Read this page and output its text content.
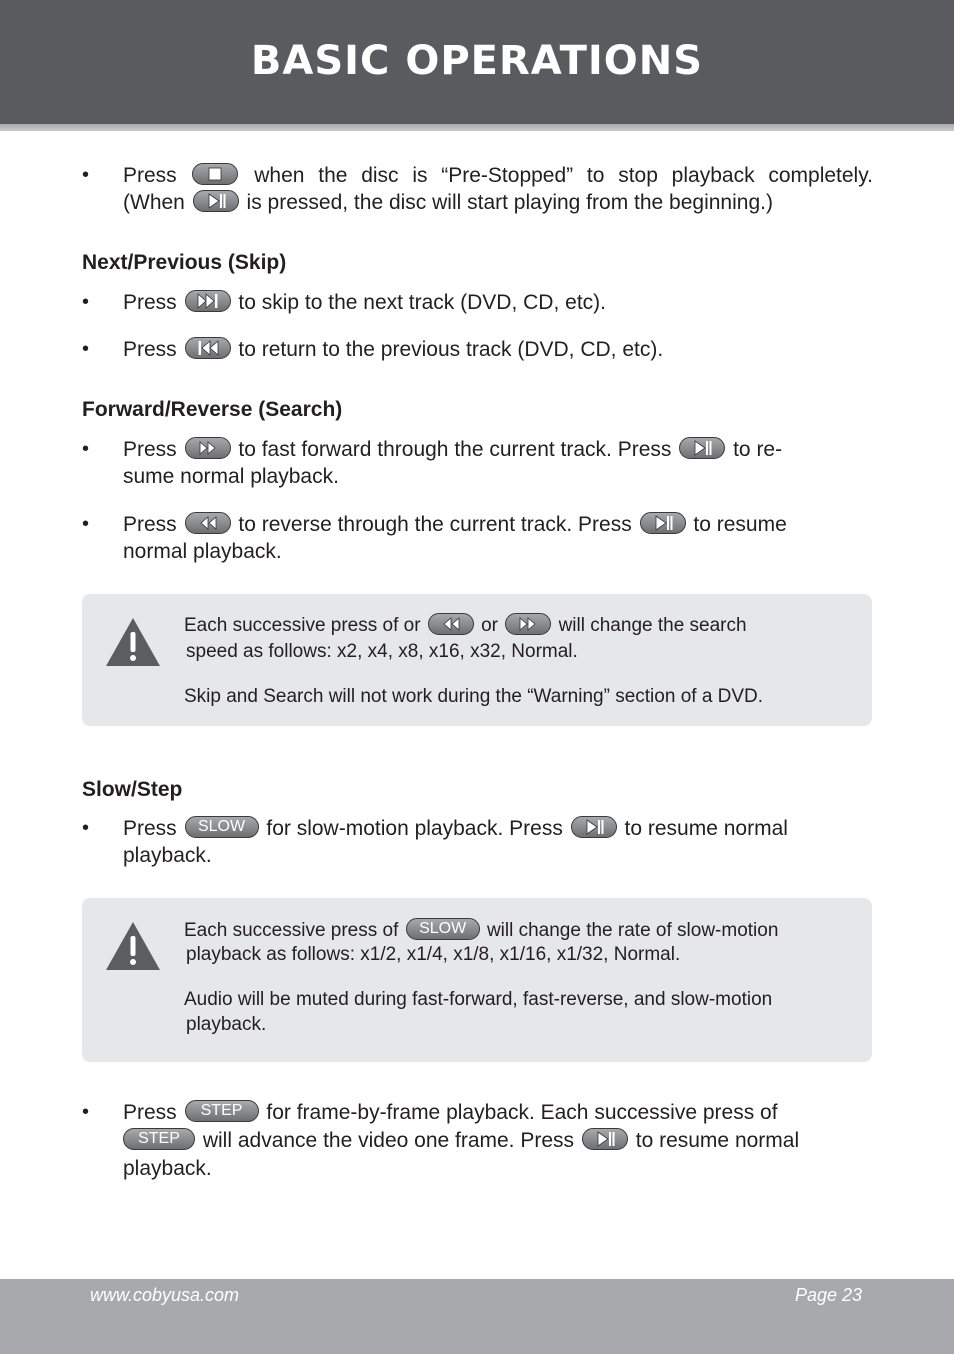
BASIC OPERATIONS
• Press	when the disc is “Pre-Stopped” to stop playback completely.
(When	is pressed, the disc will start playing from the beginning.)
Next/Previous (Skip)
• Press	to skip to the next track (DVD, CD, etc).
• Press	to return to the previous track (DVD, CD, etc).
Forward/Reverse (Search)
• Press	to fast forward through the current track. Press	to re-
sume normal playback.
• Press	to reverse through the current track. Press	to resume
normal playback.
Each successive press of or	or	will change the search
speed as follows: x2, x4, x8, x16, x32, Normal.
Skip and Search will not work during the “Warning” section of a DVD.
Slow/Step
• Press SLOW for slow-motion playback. Press	to resume normal
playback.
Each successive press of SLOW will change the rate of slow-motion
playback as follows: x1/2, x1/4, x1/8, x1/16, x1/32, Normal.
Audio will be muted during fast-forward, fast-reverse, and slow-motion
playback.
• Press STEP for frame-by-frame playback. Each successive press of
STEP will advance the video one frame. Press	to resume normal
playback.
www.cobyusa.com	Page 23
